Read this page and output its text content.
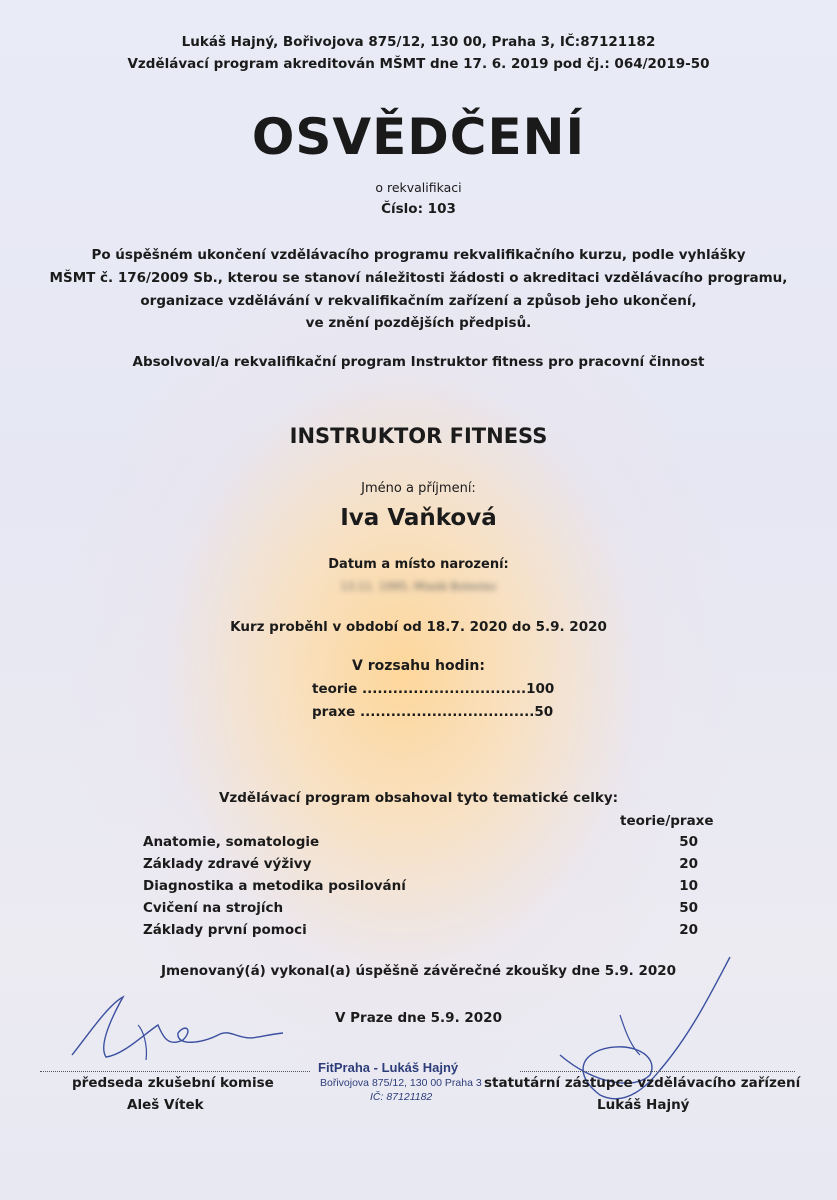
Lukáš Hajný, Bořivojova 875/12, 130 00, Praha 3, IČ:87121182
Vzdělávací program akreditován MŠMT dne 17. 6. 2019 pod čj.: 064/2019-50
OSVĚDČENÍ
o rekvalifikaci
Číslo: 103
Po úspěšném ukončení vzdělávacího programu rekvalifikačního kurzu, podle vyhlášky
MŠMT č. 176/2009 Sb., kterou se stanoví náležitosti žádosti o akreditaci vzdělávacího programu,
organizace vzdělávání v rekvalifikačním zařízení a způsob jeho ukončení,
ve znění pozdějších předpisů.
Absolvoval/a rekvalifikační program Instruktor fitness pro pracovní činnost
INSTRUKTOR FITNESS
Jméno a příjmení:
Iva Vaňková
Datum a místo narození:
13.11. 1995, Mladá Boleslav
Kurz proběhl v období od 18.7. 2020 do 5.9. 2020
V rozsahu hodin:
teorie ................................100
praxe ..................................50
Vzdělávací program obsahoval tyto tematické celky:
teorie/praxe
Anatomie, somatologie	50
Základy zdravé výživy	20
Diagnostika a metodika posilování	10
Cvičení na strojích	50
Základy první pomoci	20
Jmenovaný(á) vykonal(a) úspěšně závěrečné zkoušky dne 5.9. 2020
V Praze dne 5.9. 2020
předseda zkušební komise
Aleš Vítek
statutární zástupce vzdělávacího zařízení
Lukáš Hajný
FitPraha - Lukáš Hajný
Bořivojova 875/12, 130 00 Praha 3
IČ: 87121182
